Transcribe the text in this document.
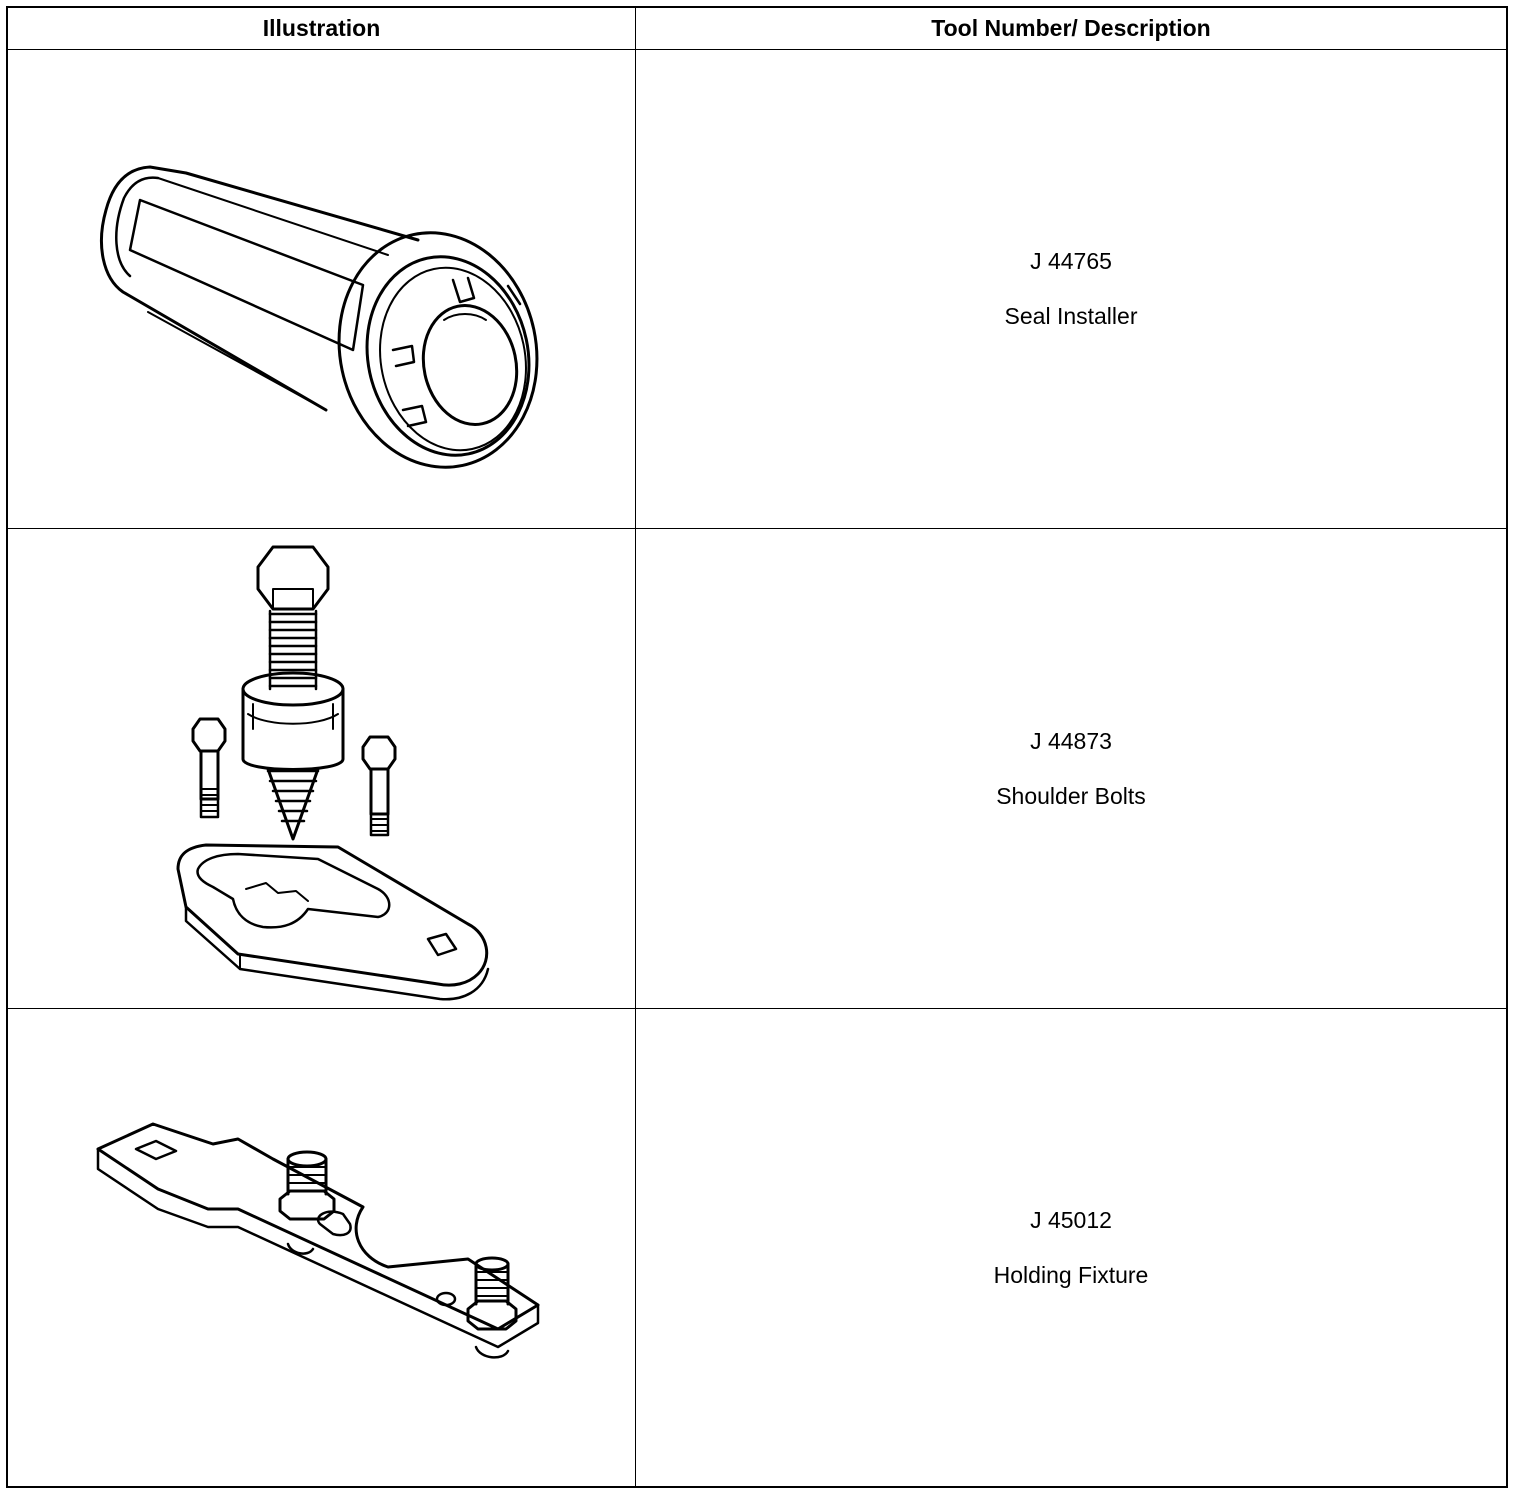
Illustration	Tool Number/ Description
J 44765
Seal Installer
J 44873
Shoulder Bolts
J 45012
Holding Fixture
